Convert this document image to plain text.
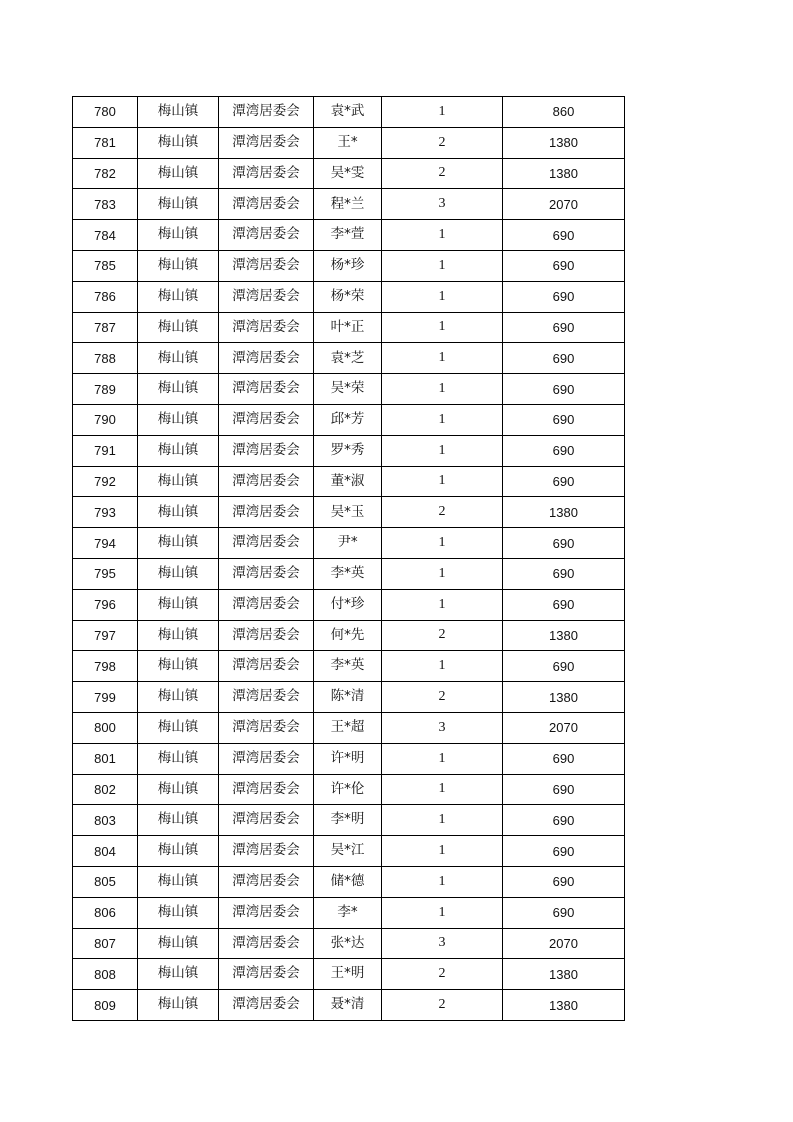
780	梅山镇	潭湾居委会	袁*武	1	860
781	梅山镇	潭湾居委会	王*	2	1380
782	梅山镇	潭湾居委会	吴*雯	2	1380
783	梅山镇	潭湾居委会	程*兰	3	2070
784	梅山镇	潭湾居委会	李*萱	1	690
785	梅山镇	潭湾居委会	杨*珍	1	690
786	梅山镇	潭湾居委会	杨*荣	1	690
787	梅山镇	潭湾居委会	叶*正	1	690
788	梅山镇	潭湾居委会	袁*芝	1	690
789	梅山镇	潭湾居委会	吴*荣	1	690
790	梅山镇	潭湾居委会	邱*芳	1	690
791	梅山镇	潭湾居委会	罗*秀	1	690
792	梅山镇	潭湾居委会	董*淑	1	690
793	梅山镇	潭湾居委会	吴*玉	2	1380
794	梅山镇	潭湾居委会	尹*	1	690
795	梅山镇	潭湾居委会	李*英	1	690
796	梅山镇	潭湾居委会	付*珍	1	690
797	梅山镇	潭湾居委会	何*先	2	1380
798	梅山镇	潭湾居委会	李*英	1	690
799	梅山镇	潭湾居委会	陈*清	2	1380
800	梅山镇	潭湾居委会	王*超	3	2070
801	梅山镇	潭湾居委会	许*明	1	690
802	梅山镇	潭湾居委会	许*伦	1	690
803	梅山镇	潭湾居委会	李*明	1	690
804	梅山镇	潭湾居委会	吴*江	1	690
805	梅山镇	潭湾居委会	储*德	1	690
806	梅山镇	潭湾居委会	李*	1	690
807	梅山镇	潭湾居委会	张*达	3	2070
808	梅山镇	潭湾居委会	王*明	2	1380
809	梅山镇	潭湾居委会	聂*清	2	1380
